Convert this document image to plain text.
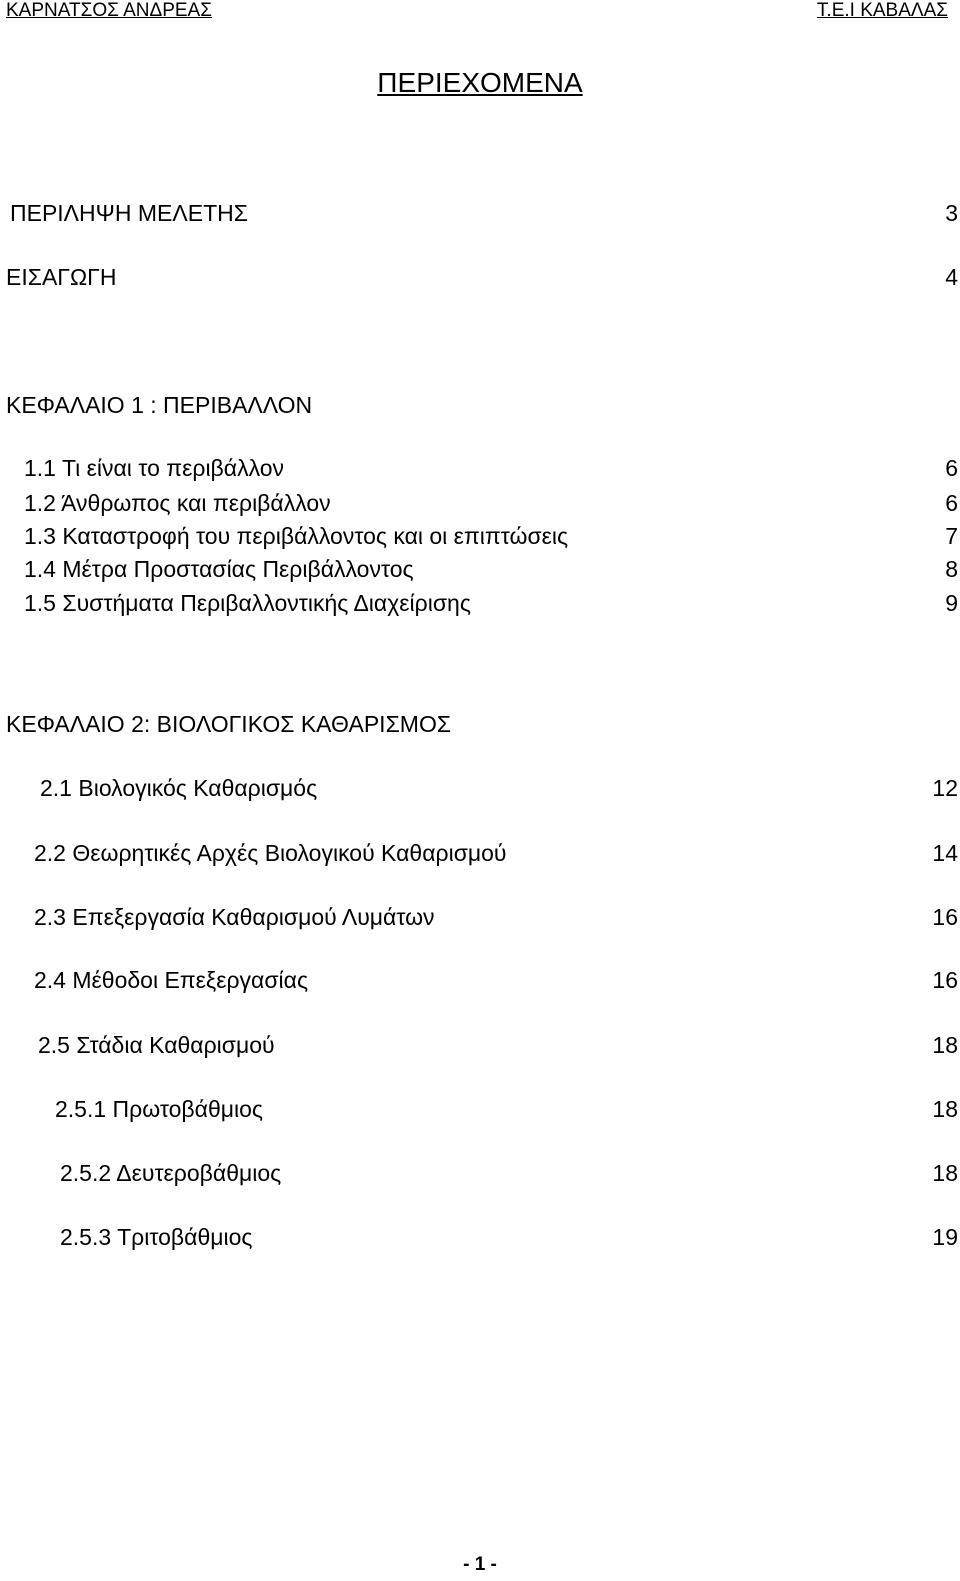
ΚΑΡΝΑΤΣΟΣ ΑΝΔΡΕΑΣ	Τ.Ε.Ι ΚΑΒΑΛΑΣ
ΠΕΡΙΕΧΟΜΕΝΑ
ΠΕΡΙΛΗΨΗ ΜΕΛΕΤΗΣ	3
ΕΙΣΑΓΩΓΗ	4
ΚΕΦΑΛΑΙΟ 1 : ΠΕΡΙΒΑΛΛΟΝ
1.1 Τι είναι το περιβάλλον	6
1.2 Άνθρωπος και περιβάλλον	6
1.3 Καταστροφή του περιβάλλοντος και οι επιπτώσεις	7
1.4 Μέτρα Προστασίας Περιβάλλοντος	8
1.5 Συστήματα Περιβαλλοντικής Διαχείρισης	9
ΚΕΦΑΛΑΙΟ 2: ΒΙΟΛΟΓΙΚΟΣ ΚΑΘΑΡΙΣΜΟΣ
2.1 Βιολογικός Καθαρισμός	12
2.2 Θεωρητικές Αρχές Βιολογικού Καθαρισμού	14
2.3 Επεξεργασία Καθαρισμού Λυμάτων	16
2.4 Μέθοδοι Επεξεργασίας	16
2.5 Στάδια Καθαρισμού	18
2.5.1 Πρωτοβάθμιος	18
2.5.2 Δευτεροβάθμιος	18
2.5.3 Τριτοβάθμιος	19
- 1 -
